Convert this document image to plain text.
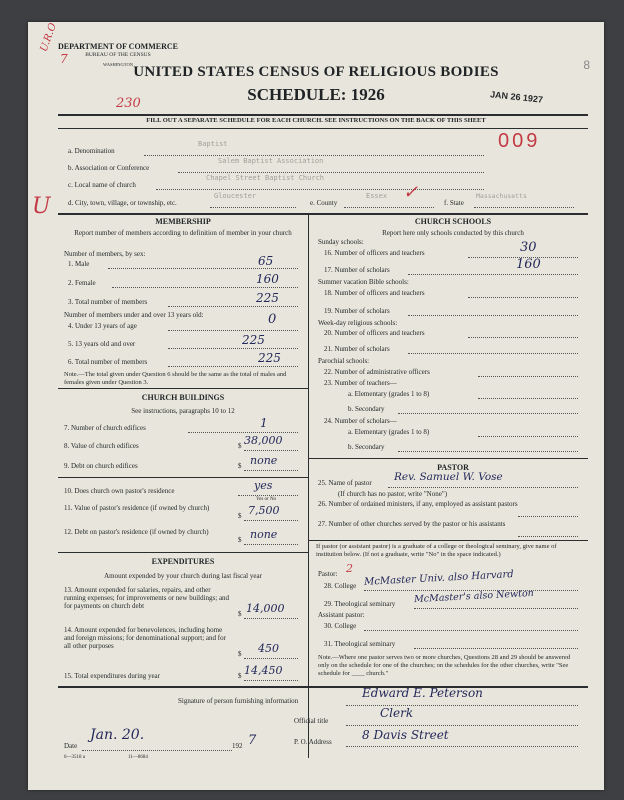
DEPARTMENT OF COMMERCE
BUREAU OF THE CENSUS
WASHINGTON
U.R.O
7	8
UNITED STATES CENSUS OF RELIGIOUS BODIES
SCHEDULE: 1926
230	JAN 26 1927
FILL OUT A SEPARATE SCHEDULE FOR EACH CHURCH. SEE INSTRUCTIONS ON THE BACK OF THIS SHEET
a. Denomination
Baptist	009
b. Association or Conference
Salem Baptist Association
c. Local name of church
Chapel Street Baptist Church
U d. City, town, village, or township, etc.
Gloucester
e. County
Essex ✓	f. State
Massachusetts
MEMBERSHIP
Report number of members according to definition of member in your church
Number of members, by sex:
1. Male	65
2. Female	160
3. Total number of members	225
Number of members under and over 13 years old:
4. Under 13 years of age	0
5. 13 years old and over	225
6. Total number of members	225
Note.—The total given under Question 6 should be the same as the total of males and females given under Question 3.
CHURCH BUILDINGS
See instructions, paragraphs 10 to 12
7. Number of church edifices	1
8. Value of church edifices	$ 38,000
9. Debt on church edifices	$ none
10. Does church own pastor's residence	yes
Yes or No
11. Value of pastor's residence (if owned by church)
$ 7,500
12. Debt on pastor's residence (if owned by church)
$ none
EXPENDITURES
Amount expended by your church during last fiscal year
13. Amount expended for salaries, repairs, and other running expenses; for improvements or new buildings; and for payments on church debt
$ 14,000
14. Amount expended for benevolences, including home and foreign missions; for denominational support; and for all other purposes
$ 450
15. Total expenditures during year	$ 14,450
CHURCH SCHOOLS
Report here only schools conducted by this church
Sunday schools:
16. Number of officers and teachers	30
17. Number of scholars	160
Summer vacation Bible schools:
18. Number of officers and teachers
19. Number of scholars
Week-day religious schools:
20. Number of officers and teachers
21. Number of scholars
Parochial schools:
22. Number of administrative officers
23. Number of teachers—
a. Elementary (grades 1 to 8)
b. Secondary
24. Number of scholars—
a. Elementary (grades 1 to 8)
b. Secondary
PASTOR
25. Name of pastor Rev. Samuel W. Vose
(If church has no pastor, write "None")
26. Number of ordained ministers, if any, employed as assistant pastors
27. Number of other churches served by the pastor or his assistants
If pastor (or assistant pastor) is a graduate of a college or theological seminary, give name of institution below. (If not a graduate, write "No" in the space indicated.)
Pastor: 2
28. College McMaster Univ. also Harvard
29. Theological seminary McMaster's also Newton
Assistant pastor:
30. College
31. Theological seminary
Note.—Where one pastor serves two or more churches, Questions 28 and 29 should be answered only on the schedule for one of the churches; on the schedules for the other churches, write "See schedule for ____ church."
Signature of person furnishing information
Edward E. Peterson
Official title
Clerk
Date
Jan. 20.
192 7	P. O. Address	8 Davis Street
6—3518 a	11—8684
